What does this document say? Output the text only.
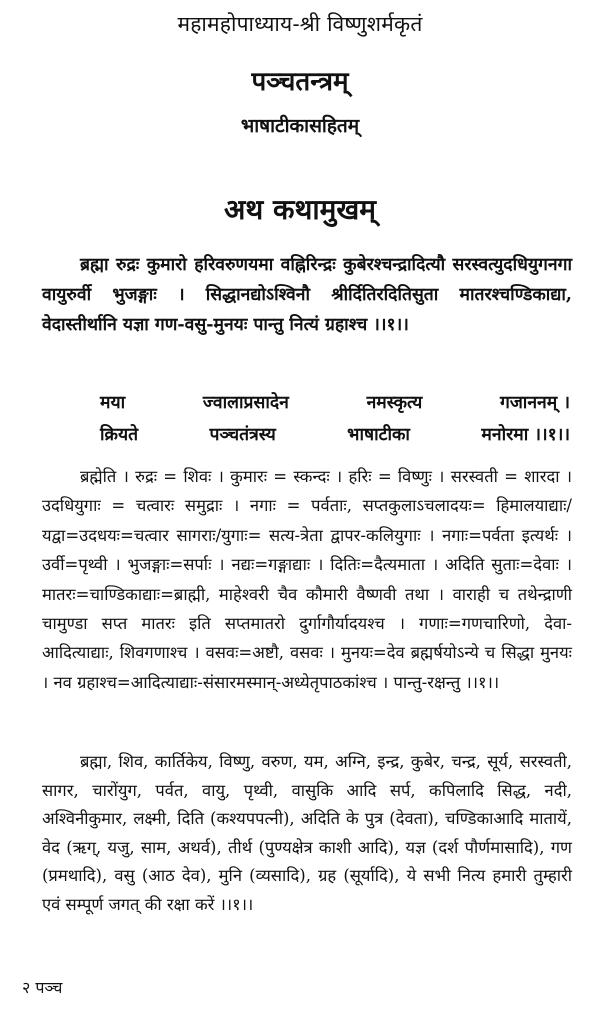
महामहोपाध्याय-श्री विष्णुशर्मकृतं
पञ्चतन्त्रम्
भाषाटीकासहितम्
अथ कथामुखम्
ब्रह्मा रुद्रः कुमारो हरिवरुणयमा वह्निरिन्द्रः कुबेरश्चन्द्रादित्यौ सरस्वत्युदधियुगनगा वायुरुर्वी भुजङ्गाः । सिद्धानद्योऽश्विनौ श्रीर्दितिरदितिसुता मातरश्चण्डिकाद्या, वेदास्तीर्थानि यज्ञा गण-वसु-मुनयः पान्तु नित्यं ग्रहाश्च ।।१।।
मया	ज्वालाप्रसादेन	नमस्कृत्य	गजाननम् ।
क्रियते	पञ्चतंत्रस्य	भाषाटीका	मनोरमा ।।१।।
ब्रह्मेति । रुद्रः = शिवः । कुमारः = स्कन्दः । हरिः = विष्णुः । सरस्वती = शारदा । उदधियुगाः = चत्वारः समुद्राः । नगाः = पर्वताः, सप्तकुलाऽचलादयः= हिमालयाद्याः/यद्वा=उदधयः=चत्वार सागराः/युगाः= सत्य-त्रेता द्वापर-कलियुगाः । नगाः=पर्वता इत्यर्थः । उर्वी=पृथ्वी । भुजङ्गाः=सर्पाः । नद्यः=गङ्गाद्याः । दितिः=दैत्यमाता । अदिति सुताः=देवाः । मातरः=चाण्डिकाद्याः=ब्राह्मी, माहेश्वरी चैव कौमारी वैष्णवी तथा । वाराही च तथेन्द्राणी चामुण्डा सप्त मातरः इति सप्तमातरो दुर्गागौर्यादयश्च । गणाः=गणचारिणो, देवा-आदित्याद्याः, शिवगणाश्च । वसवः=अष्टौ, वसवः । मुनयः=देव ब्रह्मर्षयोऽन्ये च सिद्धा मुनयः । नव ग्रहाश्च=आदित्याद्याः-संसारमस्मान्-अध्येतृपाठकांश्च । पान्तु-रक्षन्तु ।।१।।
ब्रह्मा, शिव, कार्तिकेय, विष्णु, वरुण, यम, अग्नि, इन्द्र, कुबेर, चन्द्र, सूर्य, सरस्वती, सागर, चारोंयुग, पर्वत, वायु, पृथ्वी, वासुकि आदि सर्प, कपिलादि सिद्ध, नदी, अश्विनीकुमार, लक्ष्मी, दिति (कश्यपपत्नी), अदिति के पुत्र (देवता), चण्डिकाआदि मातायें, वेद (ऋग्, यजु, साम, अथर्व), तीर्थ (पुण्यक्षेत्र काशी आदि), यज्ञ (दर्श पौर्णमासादि), गण (प्रमथादि), वसु (आठ देव), मुनि (व्यसादि), ग्रह (सूर्यादि), ये सभी नित्य हमारी तुम्हारी एवं सम्पूर्ण जगत् की रक्षा करें ।।१।।
२ पञ्च
